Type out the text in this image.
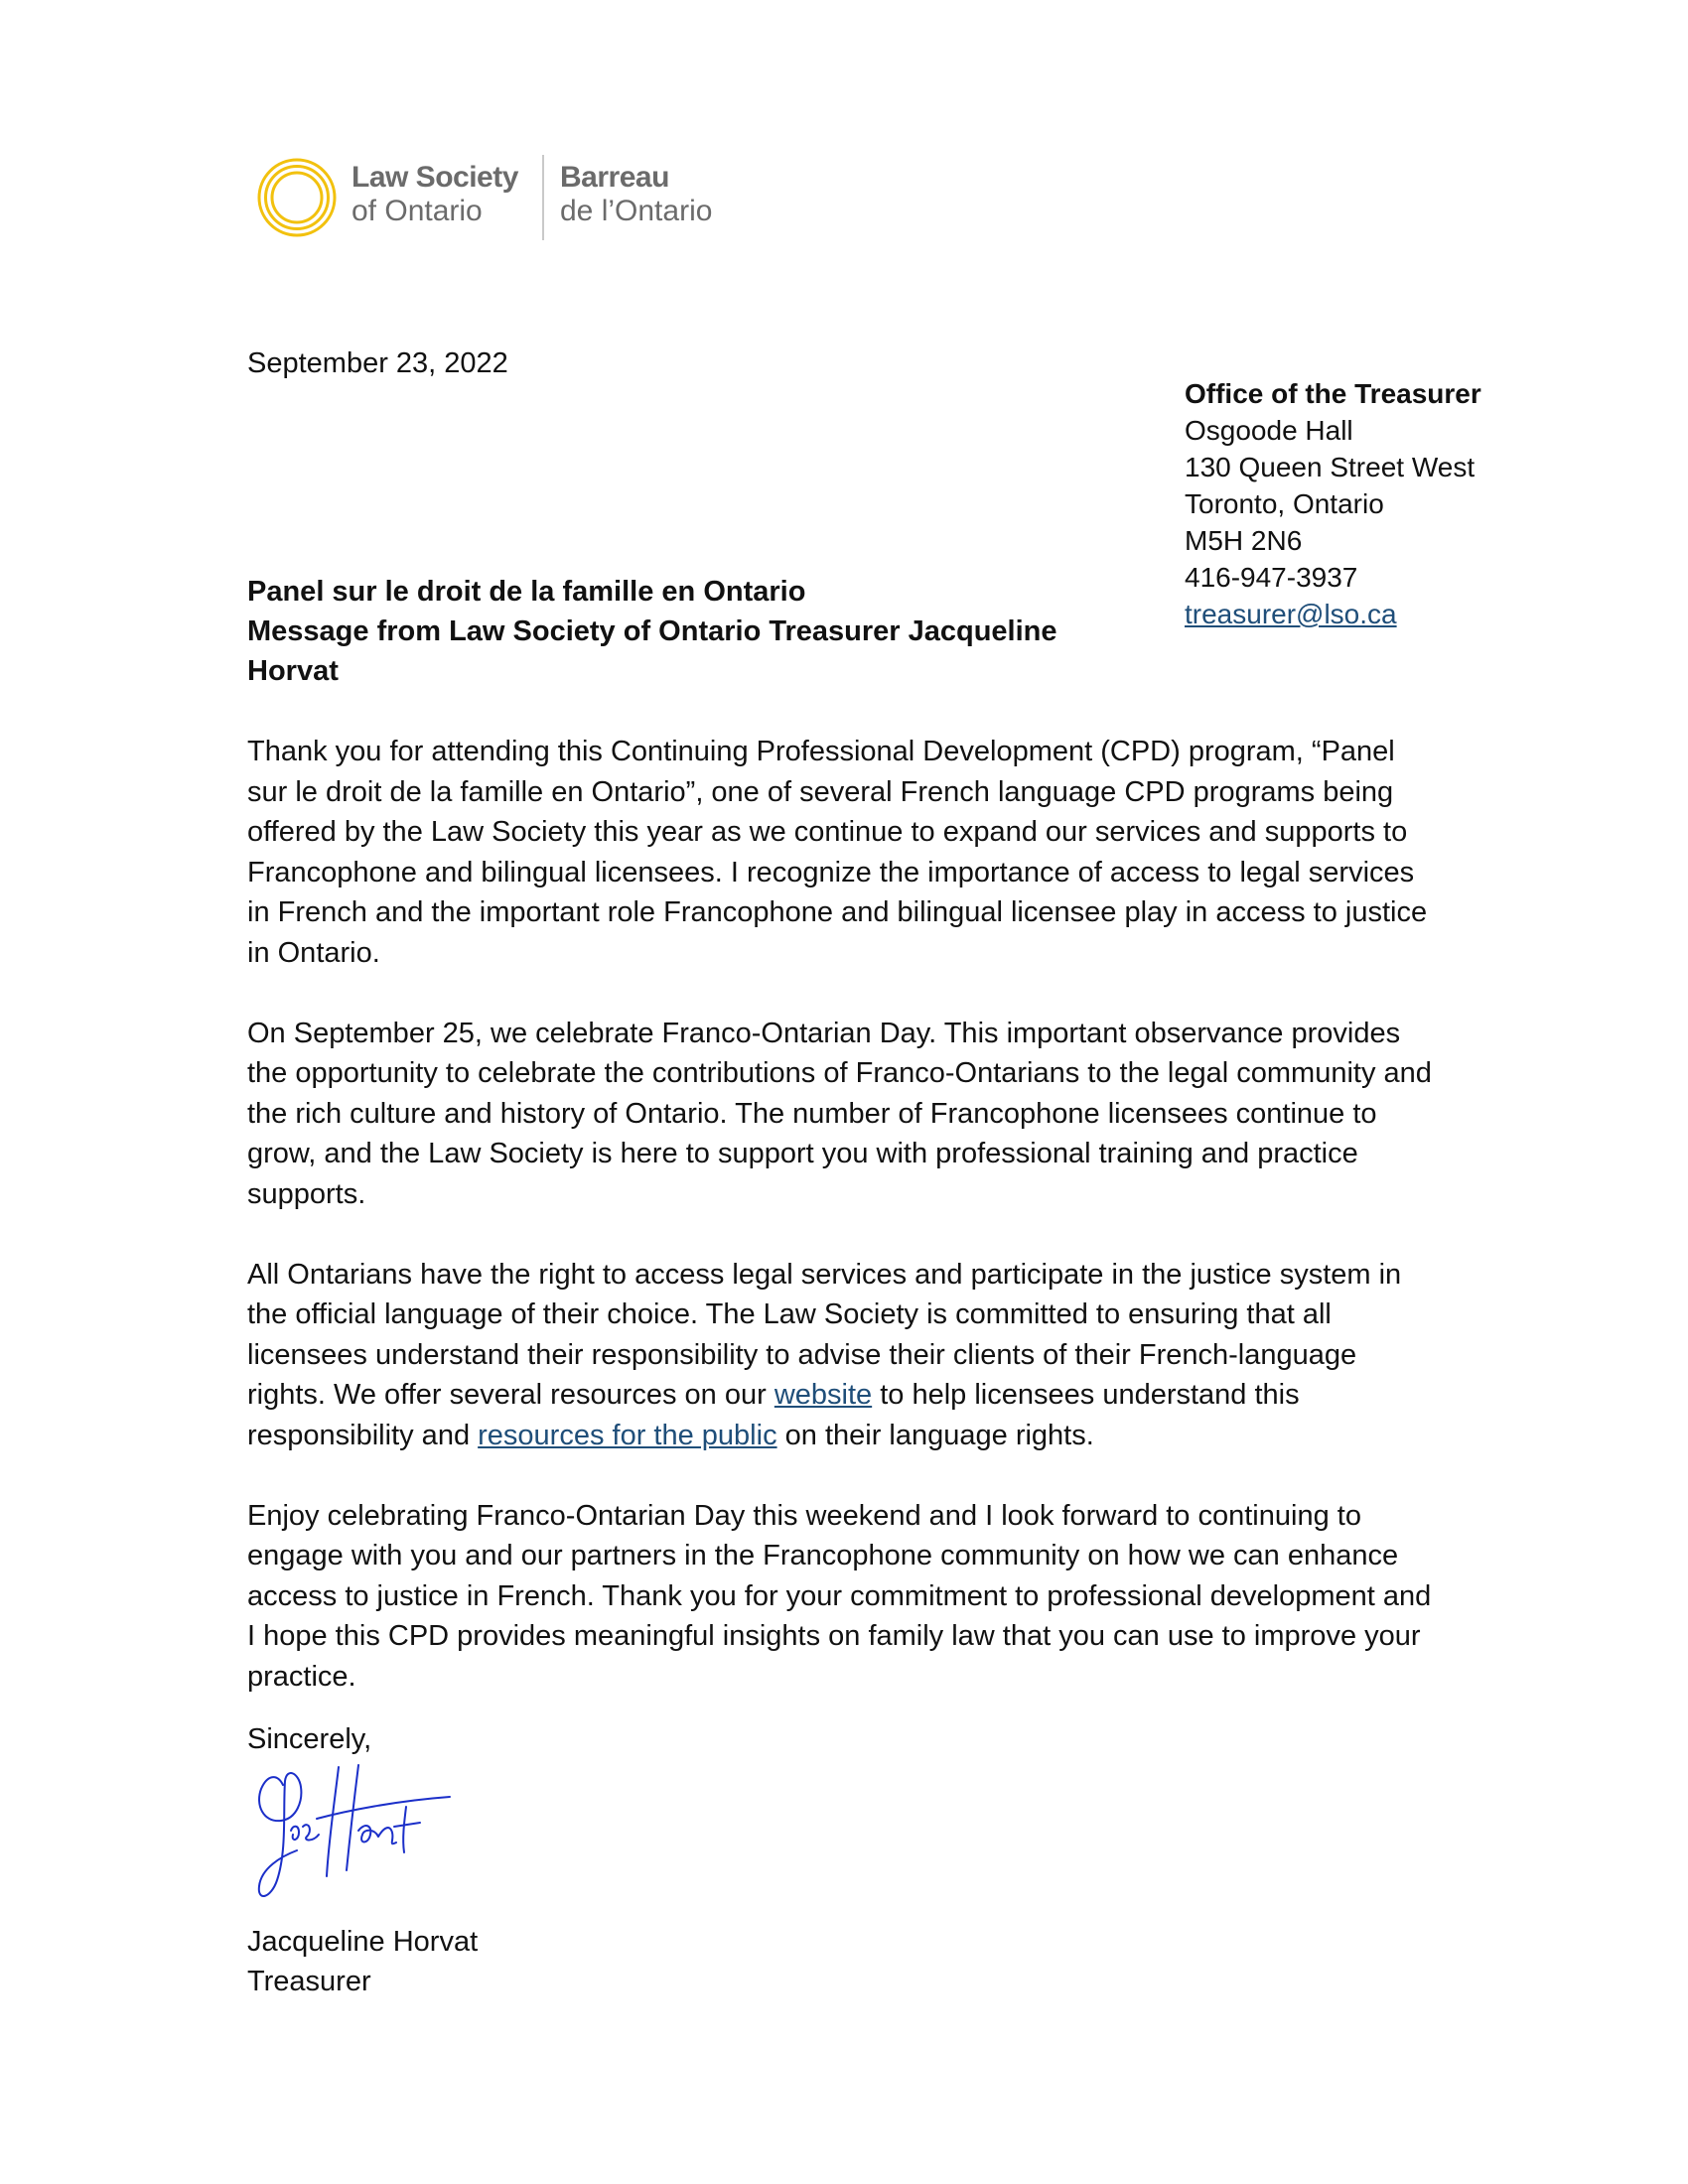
Law Society
of Ontario
Barreau
de l’Ontario
September 23, 2022
Office of the Treasurer
Osgoode Hall
130 Queen Street West
Toronto, Ontario
M5H 2N6
416-947-3937
treasurer@lso.ca
Panel sur le droit de la famille en Ontario
Message from Law Society of Ontario Treasurer Jacqueline Horvat

Thank you for attending this Continuing Professional Development (CPD) program, “Panel sur le droit de la famille en Ontario”, one of several French language CPD programs being offered by the Law Society this year as we continue to expand our services and supports to Francophone and bilingual licensees. I recognize the importance of access to legal services in French and the important role Francophone and bilingual licensee play in access to justice in Ontario.

On September 25, we celebrate Franco-Ontarian Day. This important observance provides the opportunity to celebrate the contributions of Franco-Ontarians to the legal community and the rich culture and history of Ontario. The number of Francophone licensees continue to grow, and the Law Society is here to support you with professional training and practice supports.

All Ontarians have the right to access legal services and participate in the justice system in the official language of their choice. The Law Society is committed to ensuring that all licensees understand their responsibility to advise their clients of their French-language rights. We offer several resources on our website to help licensees understand this responsibility and resources for the public on their language rights.

Enjoy celebrating Franco-Ontarian Day this weekend and I look forward to continuing to engage with you and our partners in the Francophone community on how we can enhance access to justice in French. Thank you for your commitment to professional development and I hope this CPD provides meaningful insights on family law that you can use to improve your practice.

Sincerely,
Jacqueline Horvat
Treasurer
